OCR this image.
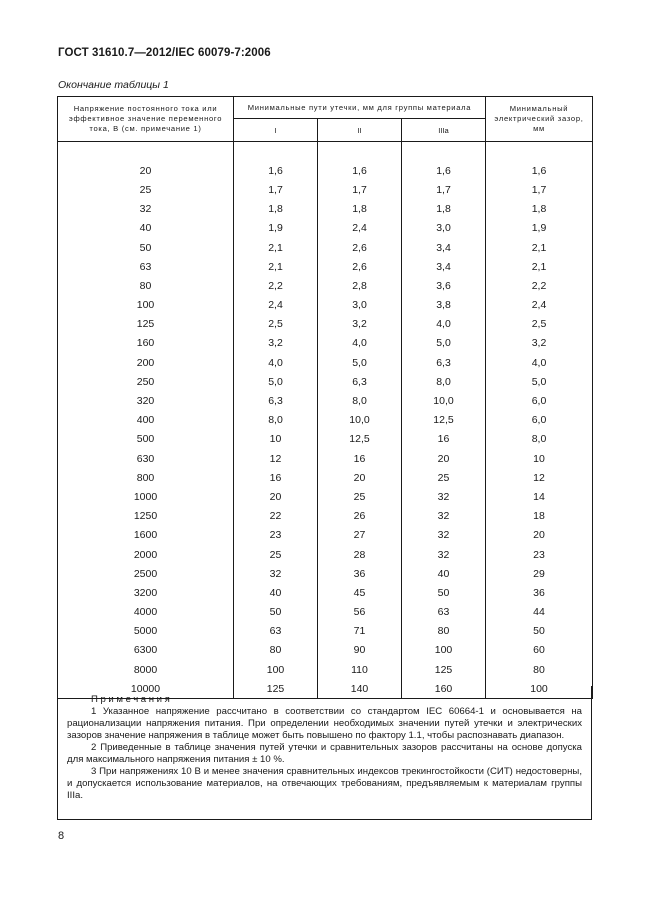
ГОСТ 31610.7—2012/IEC 60079-7:2006
Окончание таблицы 1
Напряжение постоянного тока или эффективное значение переменного тока, В (см. примечание 1)	Минимальные пути утечки, мм для группы материала			Минимальный электрический зазор, мм
	I	II	IIIa	

20	1,6	1,6	1,6	1,6
25	1,7	1,7	1,7	1,7
32	1,8	1,8	1,8	1,8
40	1,9	2,4	3,0	1,9
50	2,1	2,6	3,4	2,1
63	2,1	2,6	3,4	2,1
80	2,2	2,8	3,6	2,2
100	2,4	3,0	3,8	2,4
125	2,5	3,2	4,0	2,5
160	3,2	4,0	5,0	3,2
200	4,0	5,0	6,3	4,0
250	5,0	6,3	8,0	5,0
320	6,3	8,0	10,0	6,0
400	8,0	10,0	12,5	6,0
500	10	12,5	16	8,0
630	12	16	20	10
800	16	20	25	12
1000	20	25	32	14
1250	22	26	32	18
1600	23	27	32	20
2000	25	28	32	23
2500	32	36	40	29
3200	40	45	50	36
4000	50	56	63	44
5000	63	71	80	50
6300	80	90	100	60
8000	100	110	125	80
10000	125	140	160	100

Примечания

1 Указанное напряжение рассчитано в соответствии со стандартом IEC 60664-1 и основывается на рационализации напряжения питания. При определении необходимых значении путей утечки и электрических зазоров значение напряжения в таблице может быть повышено по фактору 1.1, чтобы распознавать диапазон.

2 Приведенные в таблице значения путей утечки и сравнительных зазоров рассчитаны на основе допуска для максимального напряжения питания ± 10 %.

3 При напряжениях 10 В и менее значения сравнительных индексов трекингостойкости (СИТ) недостоверны, и допускается использование материалов, на отвечающих требованиям, предъявляемым к материалам группы IIIa.

8
